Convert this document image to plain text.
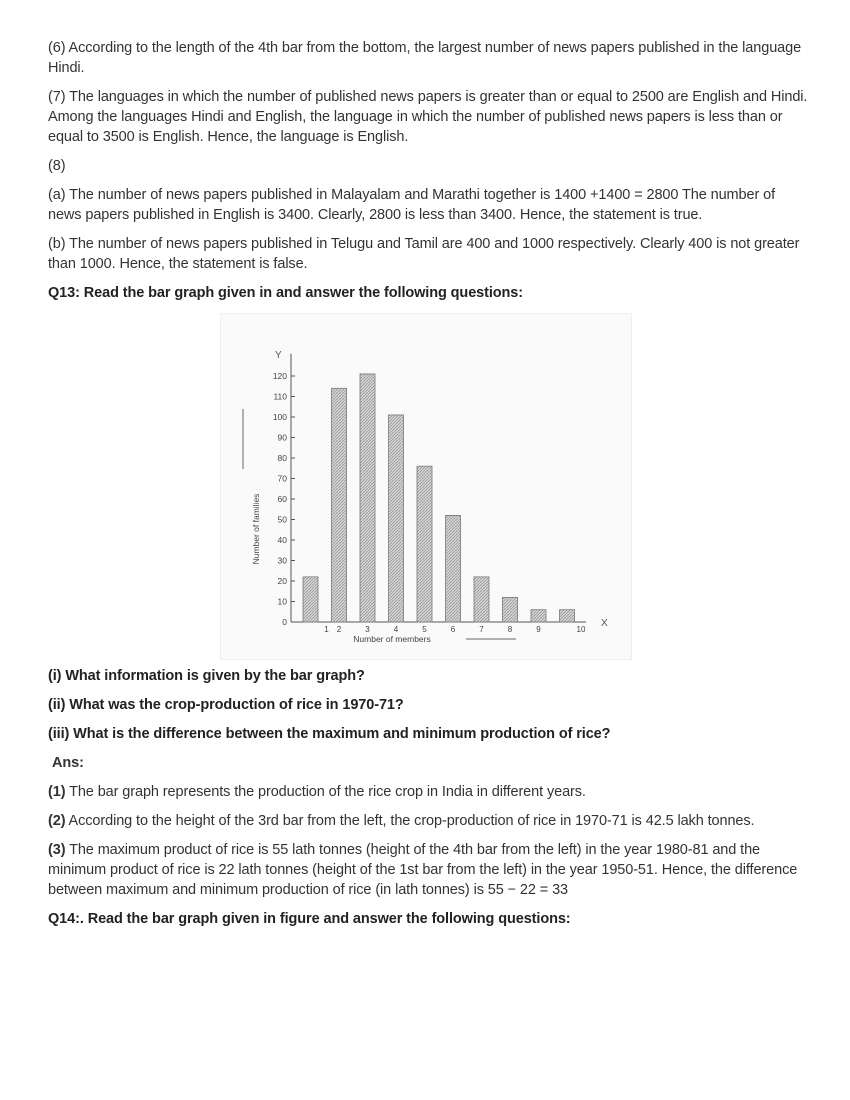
(6) According to the length of the 4th bar from the bottom, the largest number of news papers published in the language Hindi.

(7) The languages in which the number of published news papers is greater than or equal to 2500 are English and Hindi. Among the languages Hindi and English, the language in which the number of published news papers is less than or equal to 3500 is English. Hence, the language is English.

(8)

(a) The number of news papers published in Malayalam and Marathi together is 1400 +1400 = 2800 The number of news papers published in English is 3400. Clearly, 2800 is less than 3400. Hence, the statement is true.

(b) The number of news papers published in Telugu and Tamil are 400 and 1000 respectively. Clearly 400 is not greater than 1000. Hence, the statement is false.

Q13: Read the bar graph given in and answer the following questions:

Y
X
0
10
20
30
40
50
60
70
80
90
100
110
120
Number of families
1 2	3	4	5	6	7	8	9	10
Number of members

(i) What information is given by the bar graph?

(ii) What was the crop-production of rice in 1970-71?

(iii) What is the difference between the maximum and minimum production of rice?

Ans:

(1) The bar graph represents the production of the rice crop in India in different years.

(2) According to the height of the 3rd bar from the left, the crop-production of rice in 1970-71 is 42.5 lakh tonnes.

(3) The maximum product of rice is 55 lath tonnes (height of the 4th bar from the left) in the year 1980-81 and the minimum product of rice is 22 lath tonnes (height of the 1st bar from the left) in the year 1950-51. Hence, the difference between maximum and minimum production of rice (in lath tonnes) is 55 − 22 = 33

Q14:. Read the bar graph given in figure and answer the following questions:
